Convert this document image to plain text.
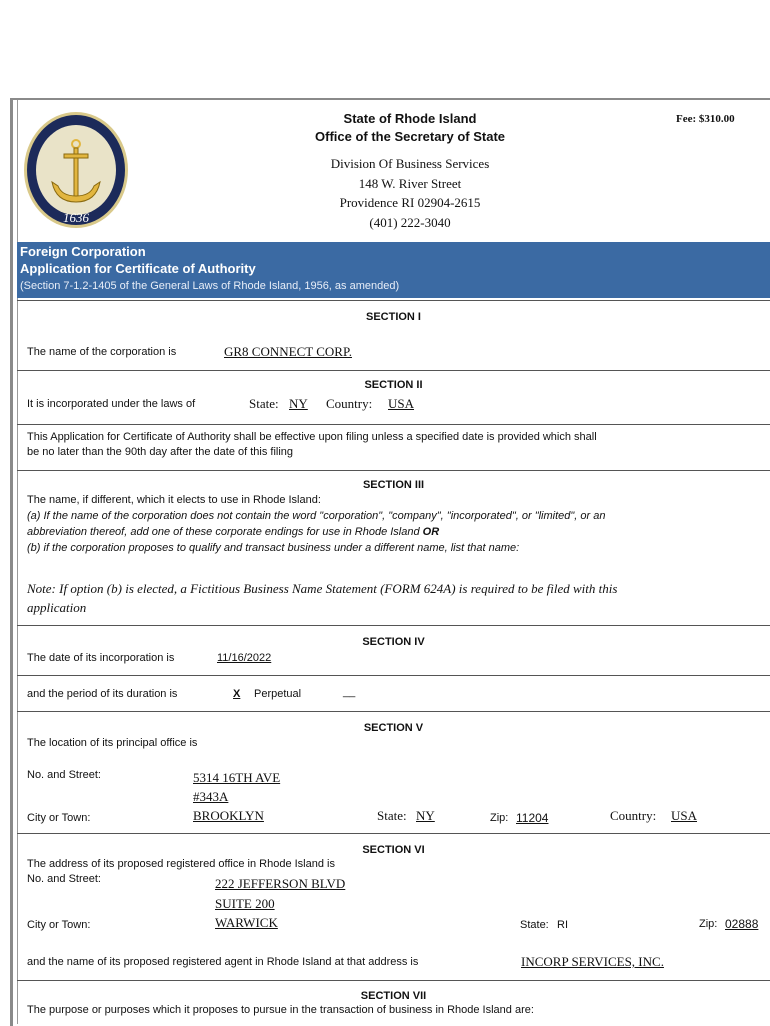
1636
State of Rhode Island
Office of the Secretary of State
Fee: $310.00
Division Of Business Services
148 W. River Street
Providence RI 02904-2615
(401) 222-3040
Foreign Corporation
Application for Certificate of Authority
(Section 7-1.2-1405 of the General Laws of Rhode Island, 1956, as amended)
SECTION I
The name of the corporation is	GR8 CONNECT CORP.
SECTION II
It is incorporated under the laws of	State: NY Country: USA
This Application for Certificate of Authority shall be effective upon filing unless a specified date is provided which shall
be no later than the 90th day after the date of this filing
SECTION III
The name, if different, which it elects to use in Rhode Island:
(a) If the name of the corporation does not contain the word "corporation", "company", "incorporated", or "limited", or an
abbreviation thereof, add one of these corporate endings for use in Rhode Island OR
(b) if the corporation proposes to qualify and transact business under a different name, list that name:
Note: If option (b) is elected, a Fictitious Business Name Statement (FORM 624A) is required to be filed with this
application
SECTION IV
The date of its incorporation is	11/16/2022
and the period of its duration is	X Perpetual	__
SECTION V
The location of its principal office is
No. and Street:	5314 16TH AVE
#343A
City or Town:	BROOKLYN	State: NY	Zip: 11204	Country: USA
SECTION VI
The address of its proposed registered office in Rhode Island is
No. and Street:	222 JEFFERSON BLVD
SUITE 200
City or Town:	WARWICK	State: RI	Zip: 02888
and the name of its proposed registered agent in Rhode Island at that address is	INCORP SERVICES, INC.
SECTION VII
The purpose or purposes which it proposes to pursue in the transaction of business in Rhode Island are:
